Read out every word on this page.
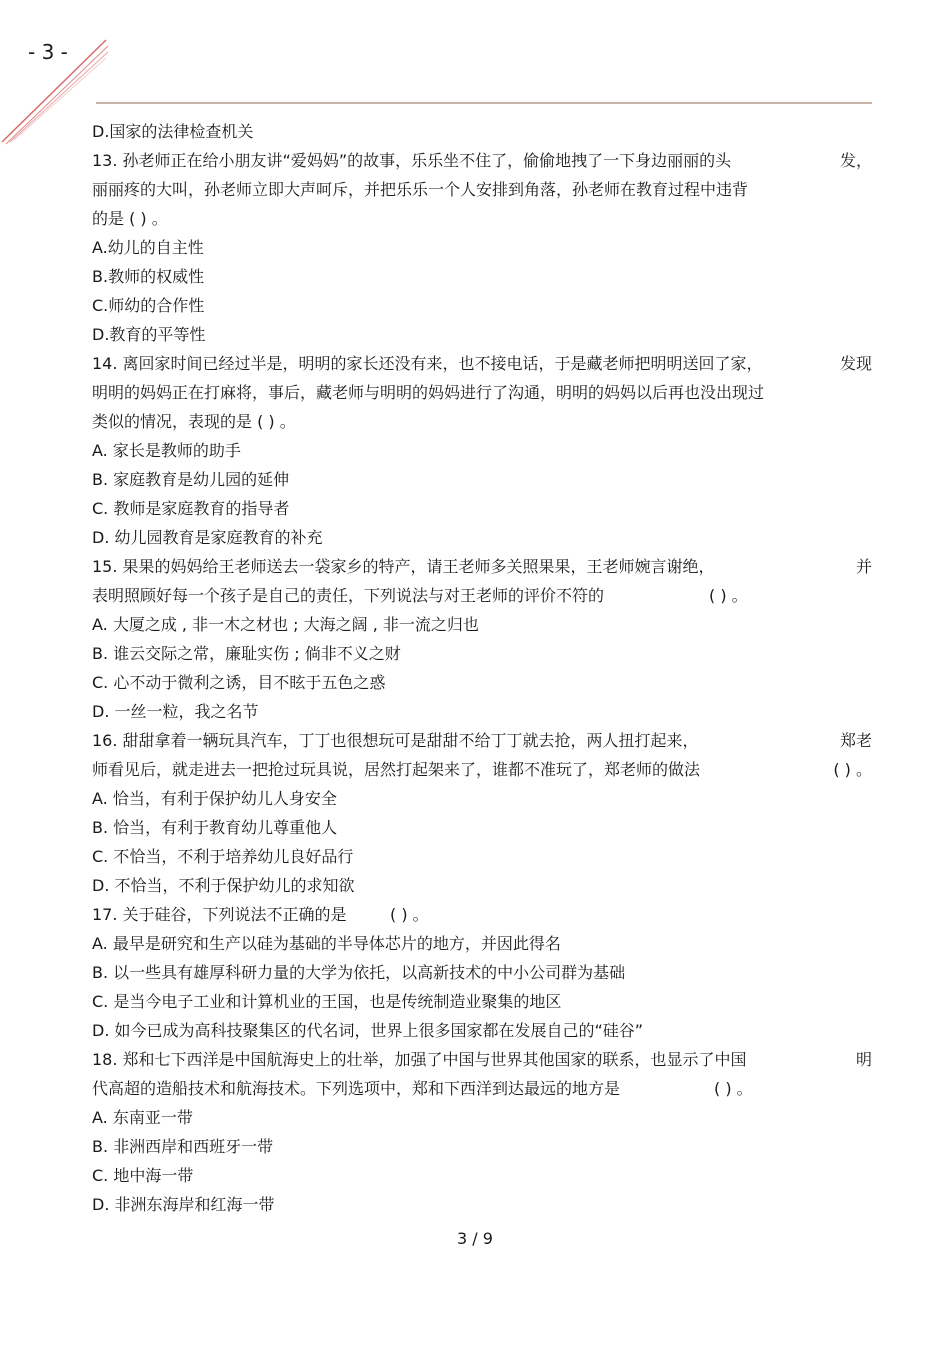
- 3 -
D.国家的法律检查机关
13. 孙老师正在给小朋友讲“爱妈妈”的故事，乐乐坐不住了，偷偷地拽了一下身边丽丽的头	发，
丽丽疼的大叫，孙老师立即大声呵斥，并把乐乐一个人安排到角落，孙老师在教育过程中违背
的是 ( ) 。
A.幼儿的自主性
B.教师的权威性
C.师幼的合作性
D.教育的平等性
14. 离回家时间已经过半是，明明的家长还没有来，也不接电话，于是藏老师把明明送回了家，	发现
明明的妈妈正在打麻将，事后，藏老师与明明的妈妈进行了沟通，明明的妈妈以后再也没出现过
类似的情况，表现的是 ( ) 。
A. 家长是教师的助手
B. 家庭教育是幼儿园的延伸
C. 教师是家庭教育的指导者
D. 幼儿园教育是家庭教育的补充
15. 果果的妈妈给王老师送去一袋家乡的特产，请王老师多关照果果，王老师婉言谢绝，	并
表明照顾好每一个孩子是自己的责任，下列说法与对王老师的评价不符的	( ) 。
A. 大厦之成 , 非一木之材也 ; 大海之阔 , 非一流之归也
B. 谁云交际之常，廉耻实伤 ; 倘非不义之财
C. 心不动于微利之诱，目不眩于五色之惑
D. 一丝一粒，我之名节
16. 甜甜拿着一辆玩具汽车，丁丁也很想玩可是甜甜不给丁丁就去抢，两人扭打起来，	郑老
师看见后，就走进去一把抢过玩具说，居然打起架来了，谁都不准玩了，郑老师的做法	( ) 。
A. 恰当，有利于保护幼儿人身安全
B. 恰当，有利于教育幼儿尊重他人
C. 不恰当，不利于培养幼儿良好品行
D. 不恰当，不利于保护幼儿的求知欲
17. 关于硅谷，下列说法不正确的是	( ) 。
A. 最早是研究和生产以硅为基础的半导体芯片的地方，并因此得名
B. 以一些具有雄厚科研力量的大学为依托，以高新技术的中小公司群为基础
C. 是当今电子工业和计算机业的王国，也是传统制造业聚集的地区
D. 如今已成为高科技聚集区的代名词，世界上很多国家都在发展自己的“硅谷”
18. 郑和七下西洋是中国航海史上的壮举，加强了中国与世界其他国家的联系，也显示了中国	明
代高超的造船技术和航海技术。下列选项中，郑和下西洋到达最远的地方是	( ) 。
A. 东南亚一带
B. 非洲西岸和西班牙一带
C. 地中海一带
D. 非洲东海岸和红海一带
3 / 9
